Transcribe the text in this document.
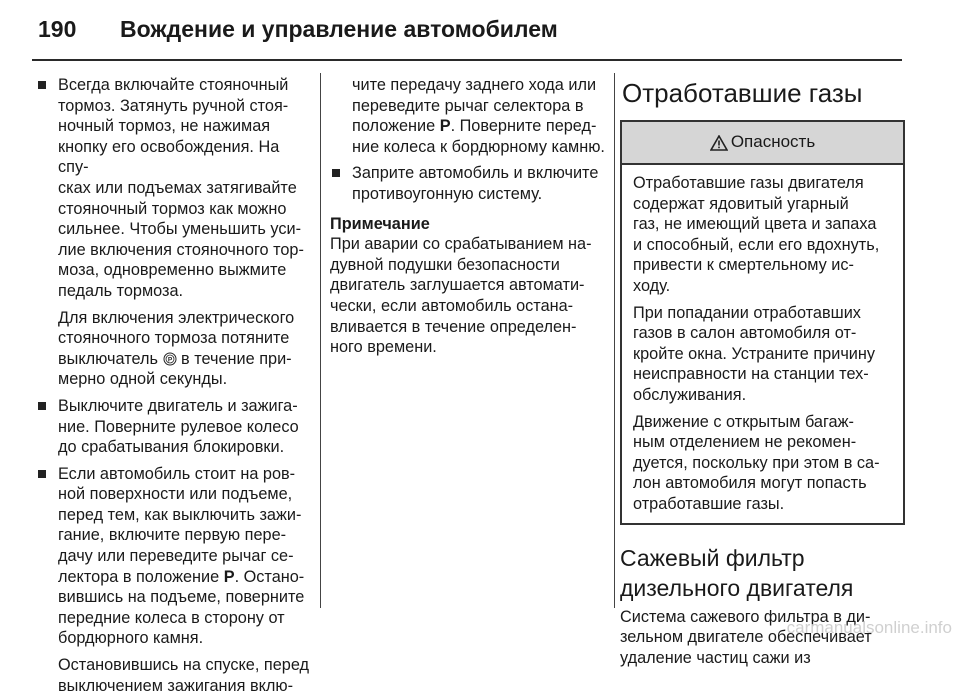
190 Вождение и управление автомобилем
Всегда включайте стояночный
тормоз. Затянуть ручной стоя-
ночный тормоз, не нажимая
кнопку его освобождения. На спу-
сках или подъемах затягивайте
стояночный тормоз как можно
сильнее. Чтобы уменьшить уси-
лие включения стояночного тор-
моза, одновременно выжмите
педаль тормоза.
Для включения электрического
стояночного тормоза потяните
выключатель P в течение при-
мерно одной секунды.
Выключите двигатель и зажига-
ние. Поверните рулевое колесо
до срабатывания блокировки.
Если автомобиль стоит на ров-
ной поверхности или подъеме,
перед тем, как выключить зажи-
гание, включите первую пере-
дачу или переведите рычаг се-
лектора в положение P. Остано-
вившись на подъеме, поверните
передние колеса в сторону от
бордюрного камня.
Остановившись на спуске, перед
выключением зажигания вклю-
чите передачу заднего хода или
переведите рычаг селектора в
положение P. Поверните перед-
ние колеса к бордюрному камню.
Заприте автомобиль и включите
противоугонную систему.
Примечание
При аварии со срабатыванием на-
дувной подушки безопасности
двигатель заглушается автомати-
чески, если автомобиль остана-
вливается в течение определен-
ного времени.
Отработавшие газы
Опасность
Отработавшие газы двигателя
содержат ядовитый угарный
газ, не имеющий цвета и запаха
и способный, если его вдохнуть,
привести к смертельному ис-
ходу.
При попадании отработавших
газов в салон автомобиля от-
кройте окна. Устраните причину
неисправности на станции тех-
обслуживания.
Движение с открытым багаж-
ным отделением не рекомен-
дуется, поскольку при этом в са-
лон автомобиля могут попасть
отработавшие газы.
Сажевый фильтр
дизельного двигателя
Система сажевого фильтра в ди-
зельном двигателе обеспечивает
удаление частиц сажи из
carmanualsonline.info
